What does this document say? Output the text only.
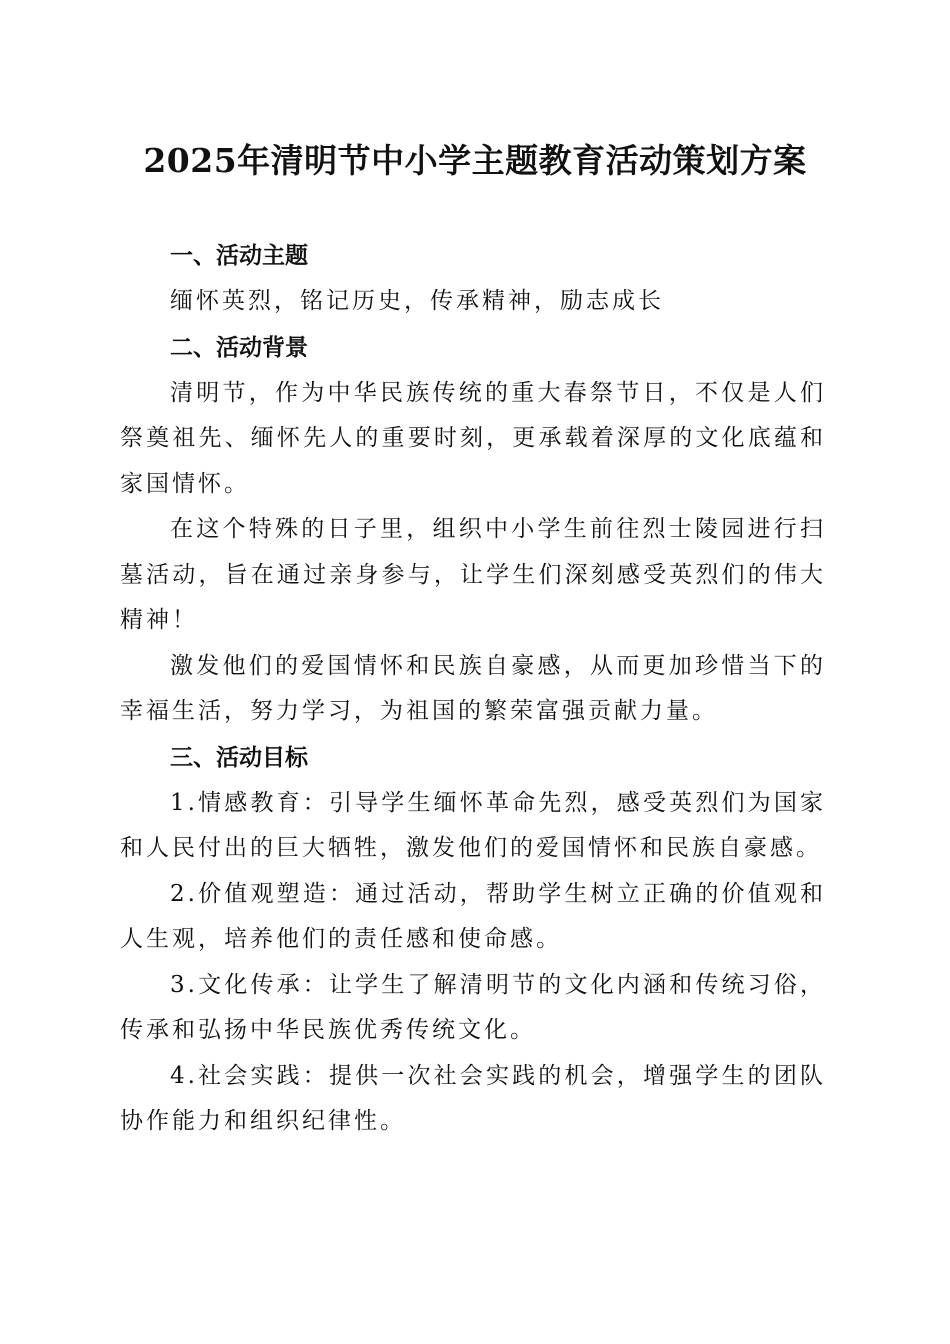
2025年清明节中小学主题教育活动策划方案
一、活动主题

缅怀英烈，铭记历史，传承精神，励志成长

二、活动背景

清明节，作为中华民族传统的重大春祭节日，不仅是人们祭奠祖先、缅怀先人的重要时刻，更承载着深厚的文化底蕴和家国情怀。

在这个特殊的日子里，组织中小学生前往烈士陵园进行扫墓活动，旨在通过亲身参与，让学生们深刻感受英烈们的伟大精神！

激发他们的爱国情怀和民族自豪感，从而更加珍惜当下的幸福生活，努力学习，为祖国的繁荣富强贡献力量。

三、活动目标

1.情感教育：引导学生缅怀革命先烈，感受英烈们为国家和人民付出的巨大牺牲，激发他们的爱国情怀和民族自豪感。

2.价值观塑造：通过活动，帮助学生树立正确的价值观和人生观，培养他们的责任感和使命感。

3.文化传承：让学生了解清明节的文化内涵和传统习俗，传承和弘扬中华民族优秀传统文化。

4.社会实践：提供一次社会实践的机会，增强学生的团队协作能力和组织纪律性。
